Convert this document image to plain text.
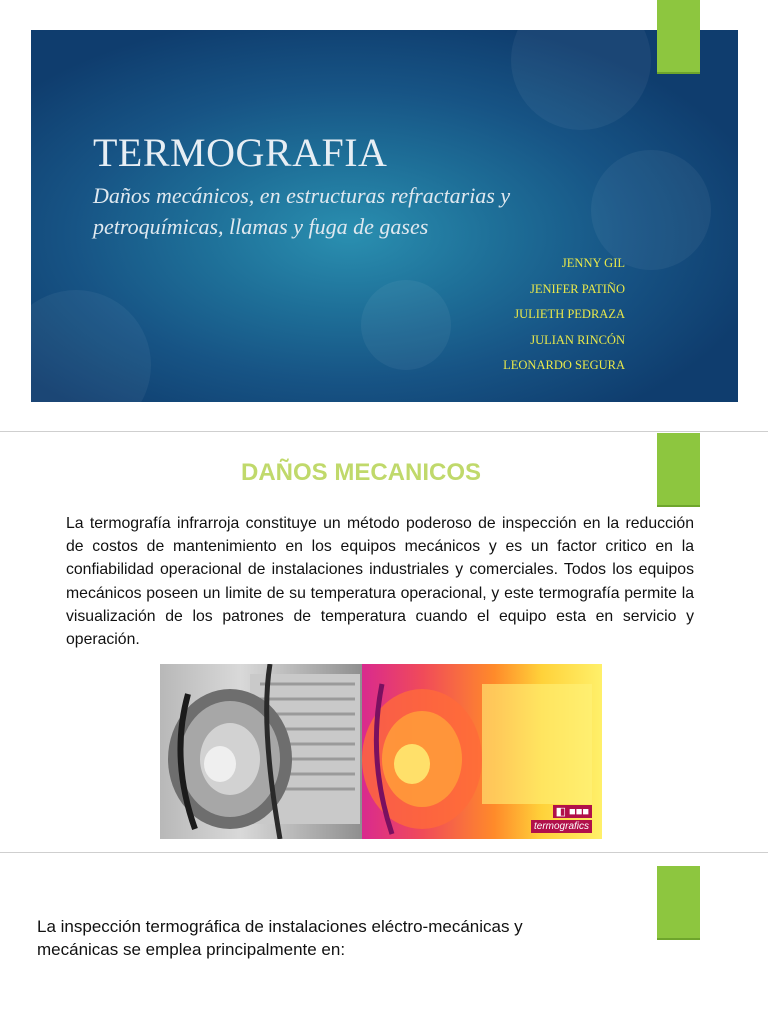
TERMOGRAFIA
Daños mecánicos, en estructuras refractarias y petroquímicas, llamas y fuga de gases
JENNY GIL
JENIFER PATIÑO
JULIETH PEDRAZA
JULIAN RINCÓN
LEONARDO SEGURA
DAÑOS MECANICOS
La termografía infrarroja constituye un método poderoso de inspección en la reducción de costos de mantenimiento en los equipos mecánicos y es un factor critico en la confiabilidad operacional de instalaciones industriales y comerciales. Todos los equipos mecánicos poseen un limite de su temperatura operacional, y este termografía permite la visualización de los patrones de temperatura cuando el equipo esta en servicio y operación.
◧ ■■■
termografics
La inspección termográfica de instalaciones eléctro-mecánicas y mecánicas se emplea principalmente en:
